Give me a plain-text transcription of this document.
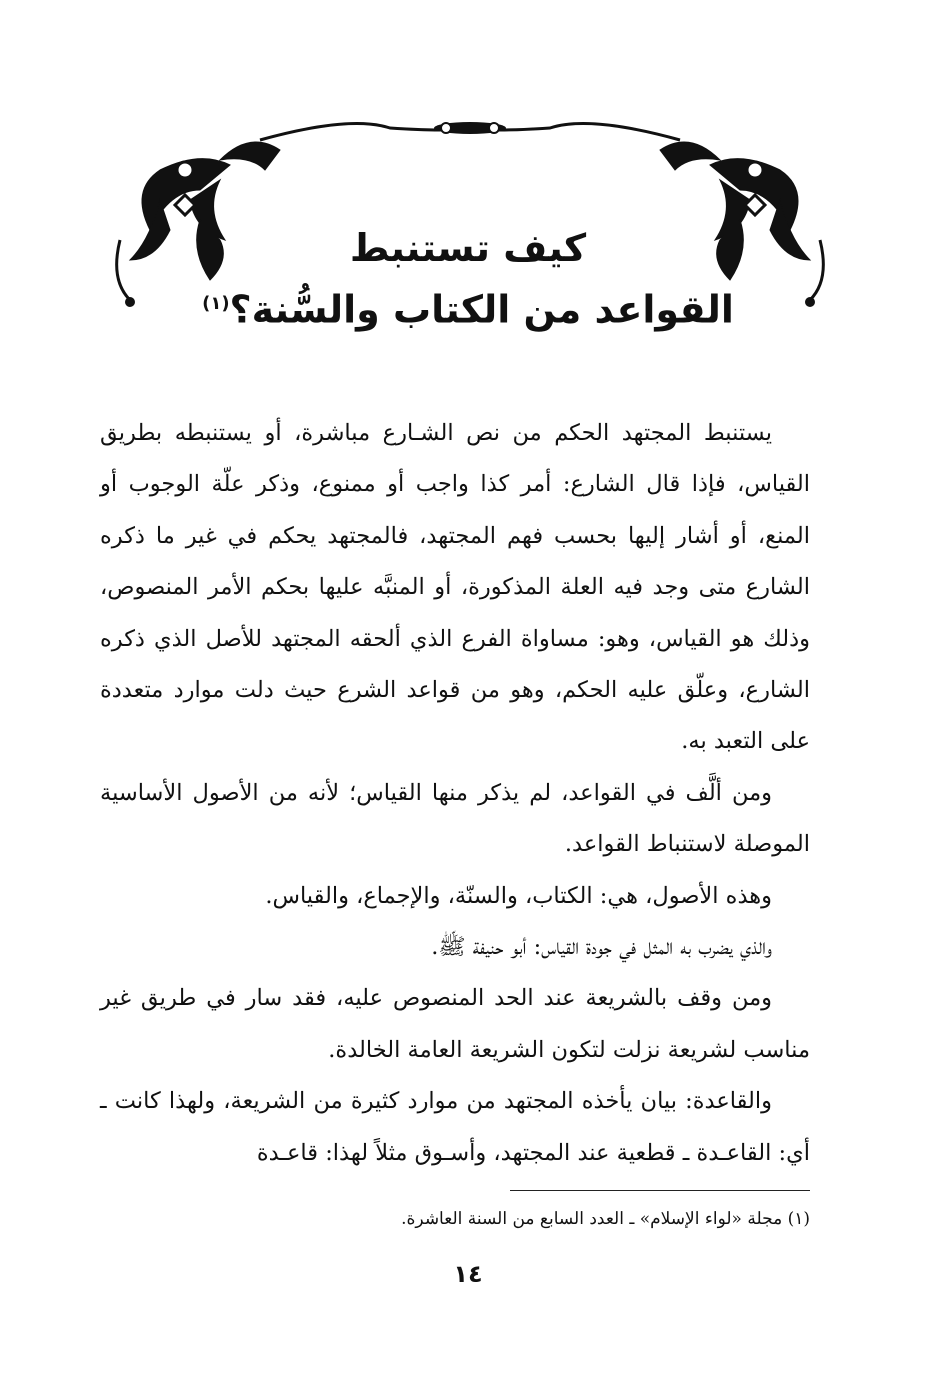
كيف تستنبط
القواعد من الكتاب والسُّنة؟$^{(١)}$

يستنبط المجتهد الحكم من نص الشـارع مباشرة، أو يستنبطه بطريق القياس، فإذا قال الشارع: أمر كذا واجب أو ممنوع، وذكر علّة الوجوب أو المنع، أو أشار إليها بحسب فهم المجتهد، فالمجتهد يحكم في غير ما ذكره الشارع متى وجد فيه العلة المذكورة، أو المنبَّه عليها بحكم الأمر المنصوص، وذلك هو القياس، وهو: مساواة الفرع الذي ألحقه المجتهد للأصل الذي ذكره الشارع، وعلّق عليه الحكم، وهو من قواعد الشرع حيث دلت موارد متعددة على التعبد به.

ومن ألَّف في القواعد، لم يذكر منها القياس؛ لأنه من الأصول الأساسية الموصلة لاستنباط القواعد.

وهذه الأصول، هي: الكتاب، والسنّة، والإجماع، والقياس.

والذي يضرب به المثل في جودة القياس: أبو حنيفة ﷺ.

ومن وقف بالشريعة عند الحد المنصوص عليه، فقد سار في طريق غير مناسب لشريعة نزلت لتكون الشريعة العامة الخالدة.

والقاعدة: بيان يأخذه المجتهد من موارد كثيرة من الشريعة، ولهذا كانت ـ أي: القاعـدة ـ قطعية عند المجتهد، وأسـوق مثلاً لهذا: قاعـدة

(١) مجلة «لواء الإسلام» ـ العدد السابع من السنة العاشرة.
١٤
